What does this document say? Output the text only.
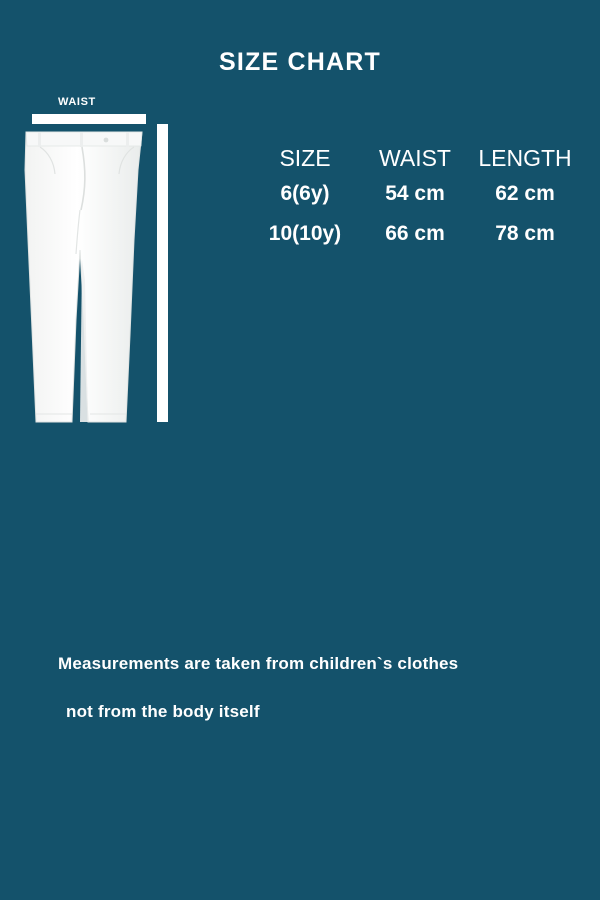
SIZE CHART
WAIST
LENGTH
SIZE	WAIST	LENGTH
6(6y)	54 cm	62 cm
10(10y)	66 cm	78 cm
Measurements are taken from children`s clothes
not from the body itself
